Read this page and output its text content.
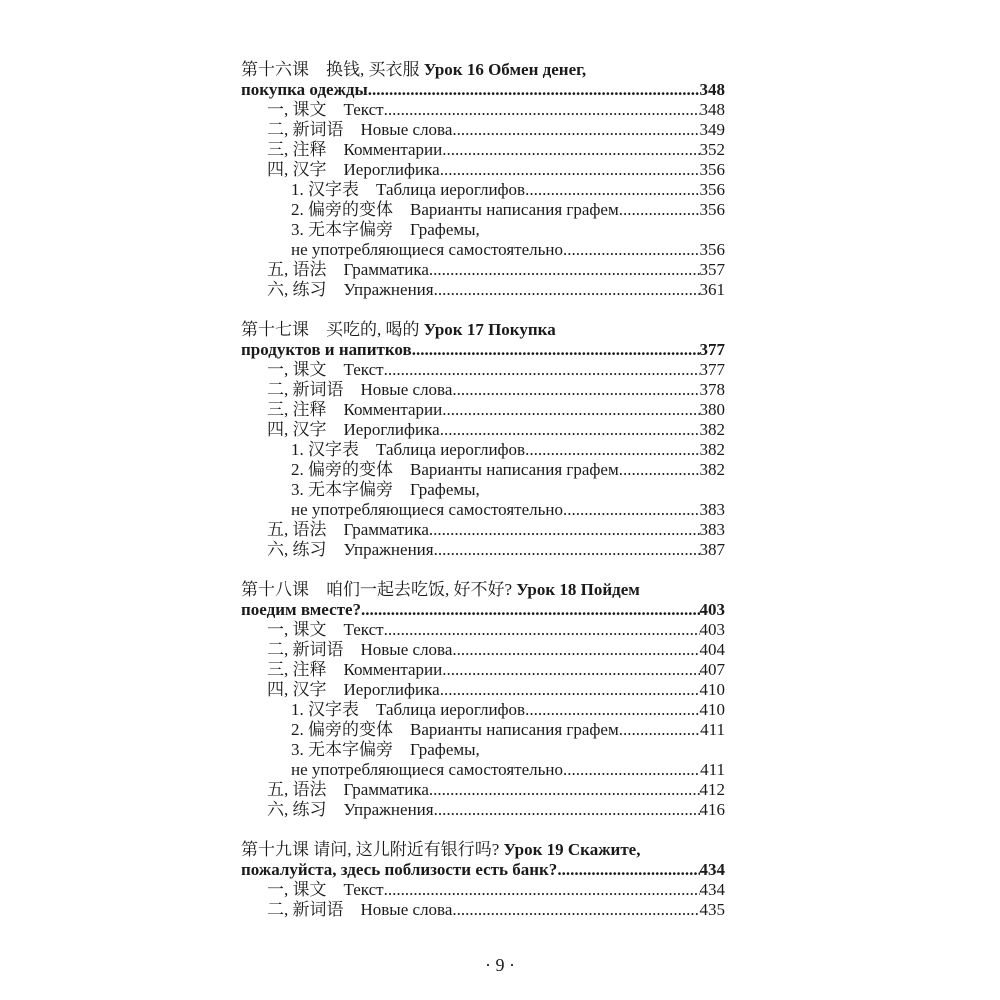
第十六课　换钱, 买衣服 Урок 16 Обмен денег,
покупка одежды .....	348
一, 课文　Текст .....	348
二, 新词语　Новые слова .....	349
三, 注释　Комментарии .....	352
四, 汉字　Иероглифика .....	356
1. 汉字表　Таблица иероглифов .....	356
2. 偏旁的变体　Варианты написания графем .....	356
3. 无本字偏旁　Графемы,
не употребляющиеся самостоятельно .....	356
五, 语法　Грамматика .....	357
六, 练习　Упражнения .....	361
第十七课　买吃的, 喝的 Урок 17 Покупка
продуктов и напитков .....	377
一, 课文　Текст .....	377
二, 新词语　Новые слова .....	378
三, 注释　Комментарии .....	380
四, 汉字　Иероглифика .....	382
1. 汉字表　Таблица иероглифов .....	382
2. 偏旁的变体　Варианты написания графем .....	382
3. 无本字偏旁　Графемы,
не употребляющиеся самостоятельно .....	383
五, 语法　Грамматика .....	383
六, 练习　Упражнения .....	387
第十八课　咱们一起去吃饭, 好不好? Урок 18 Пойдем
поедим вместе? .....	403
一, 课文　Текст .....	403
二, 新词语　Новые слова .....	404
三, 注释　Комментарии .....	407
四, 汉字　Иероглифика .....	410
1. 汉字表　Таблица иероглифов .....	410
2. 偏旁的变体　Варианты написания графем .....	411
3. 无本字偏旁　Графемы,
не употребляющиеся самостоятельно .....	411
五, 语法　Грамматика .....	412
六, 练习　Упражнения .....	416
第十九课 请问, 这儿附近有银行吗? Урок 19 Скажите,
пожалуйста, здесь поблизости есть банк? .....	434
一, 课文　Текст .....	434
二, 新词语　Новые слова .....	435
· 9 ·
